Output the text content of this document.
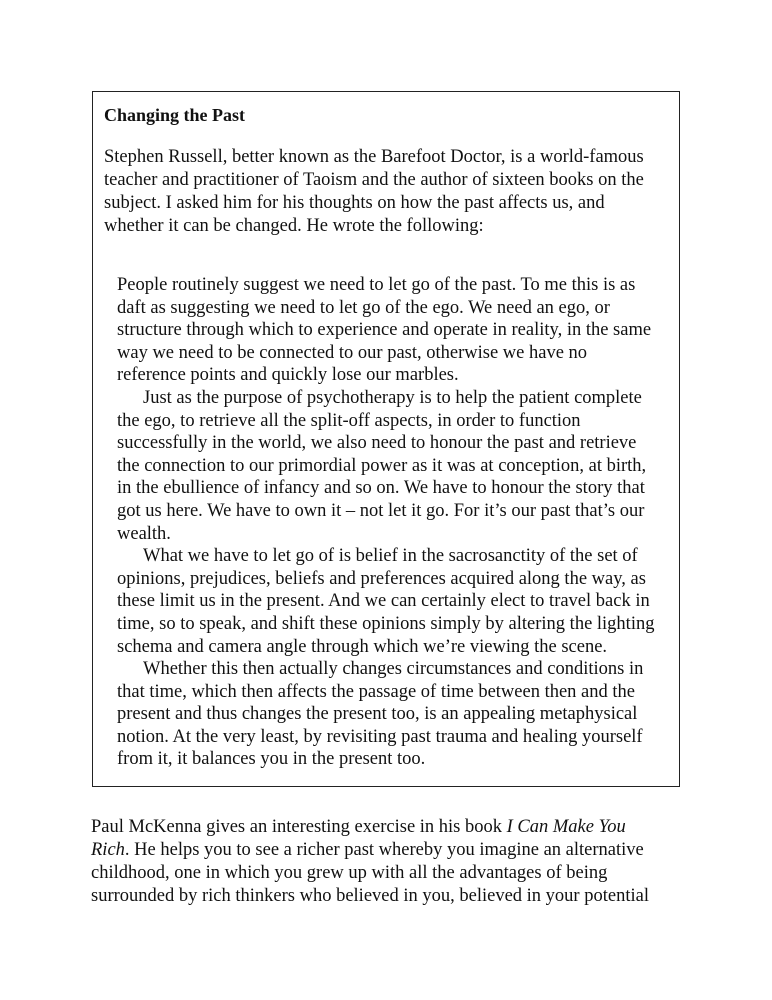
Changing the Past
Stephen Russell, better known as the Barefoot Doctor, is a world-famous
teacher and practitioner of Taoism and the author of sixteen books on the
subject. I asked him for his thoughts on how the past affects us, and
whether it can be changed. He wrote the following:
People routinely suggest we need to let go of the past. To me this is as
daft as suggesting we need to let go of the ego. We need an ego, or
structure through which to experience and operate in reality, in the same
way we need to be connected to our past, otherwise we have no
reference points and quickly lose our marbles.
Just as the purpose of psychotherapy is to help the patient complete
the ego, to retrieve all the split-off aspects, in order to function
successfully in the world, we also need to honour the past and retrieve
the connection to our primordial power as it was at conception, at birth,
in the ebullience of infancy and so on. We have to honour the story that
got us here. We have to own it – not let it go. For it’s our past that’s our
wealth.
What we have to let go of is belief in the sacrosanctity of the set of
opinions, prejudices, beliefs and preferences acquired along the way, as
these limit us in the present. And we can certainly elect to travel back in
time, so to speak, and shift these opinions simply by altering the lighting
schema and camera angle through which we’re viewing the scene.
Whether this then actually changes circumstances and conditions in
that time, which then affects the passage of time between then and the
present and thus changes the present too, is an appealing metaphysical
notion. At the very least, by revisiting past trauma and healing yourself
from it, it balances you in the present too.
Paul McKenna gives an interesting exercise in his book I Can Make You
Rich. He helps you to see a richer past whereby you imagine an alternative
childhood, one in which you grew up with all the advantages of being
surrounded by rich thinkers who believed in you, believed in your potential
